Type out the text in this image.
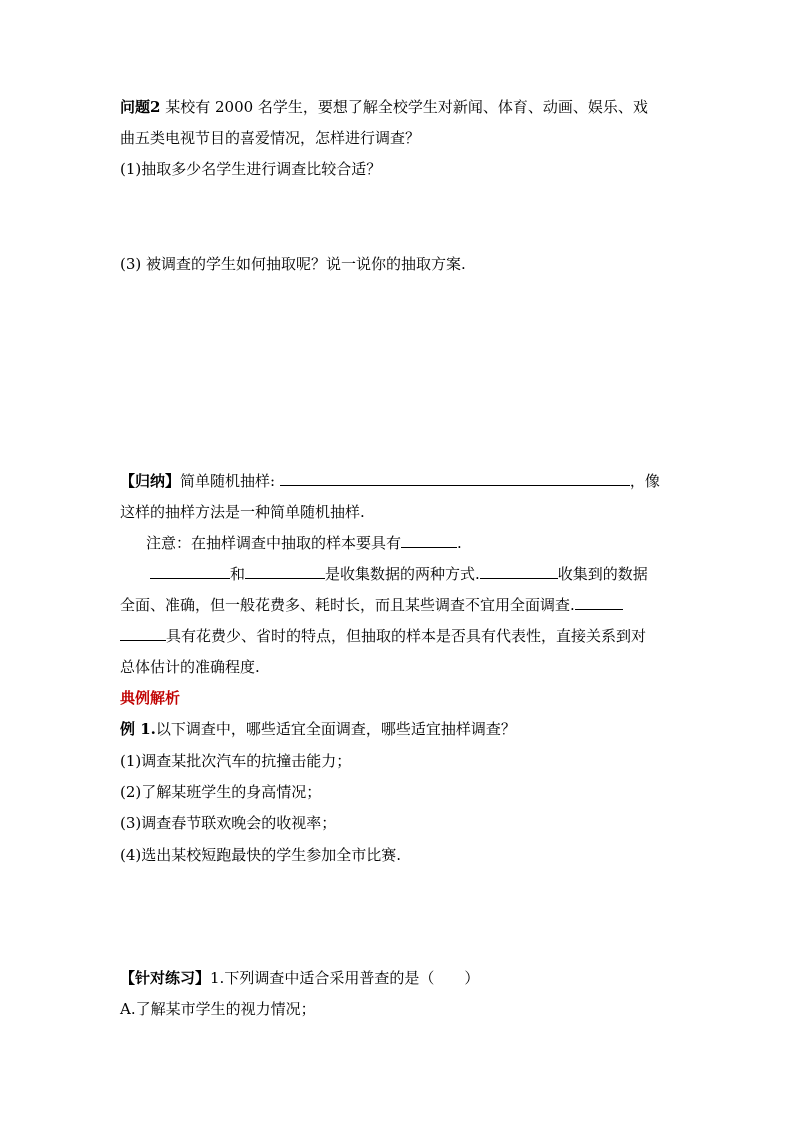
问题2 某校有 2000 名学生，要想了解全校学生对新闻、体育、动画、娱乐、戏
曲五类电视节目的喜爱情况，怎样进行调查？
(1)抽取多少名学生进行调查比较合适？
(3) 被调查的学生如何抽取呢？说一说你的抽取方案.
【归纳】简单随机抽样:	，像
这样的抽样方法是一种简单随机抽样.
注意：在抽样调查中抽取的样本要具有	.
和	是收集数据的两种方式.	收集到的数据
全面、准确，但一般花费多、耗时长，而且某些调查不宜用全面调查.
具有花费少、省时的特点，但抽取的样本是否具有代表性，直接关系到对
总体估计的准确程度.
典例解析
例 1.以下调查中，哪些适宜全面调查，哪些适宜抽样调查？
(1)调查某批次汽车的抗撞击能力；
(2)了解某班学生的身高情况；
(3)调查春节联欢晚会的收视率；
(4)选出某校短跑最快的学生参加全市比赛.
【针对练习】1.下列调查中适合采用普查的是（　　）
A.了解某市学生的视力情况；
